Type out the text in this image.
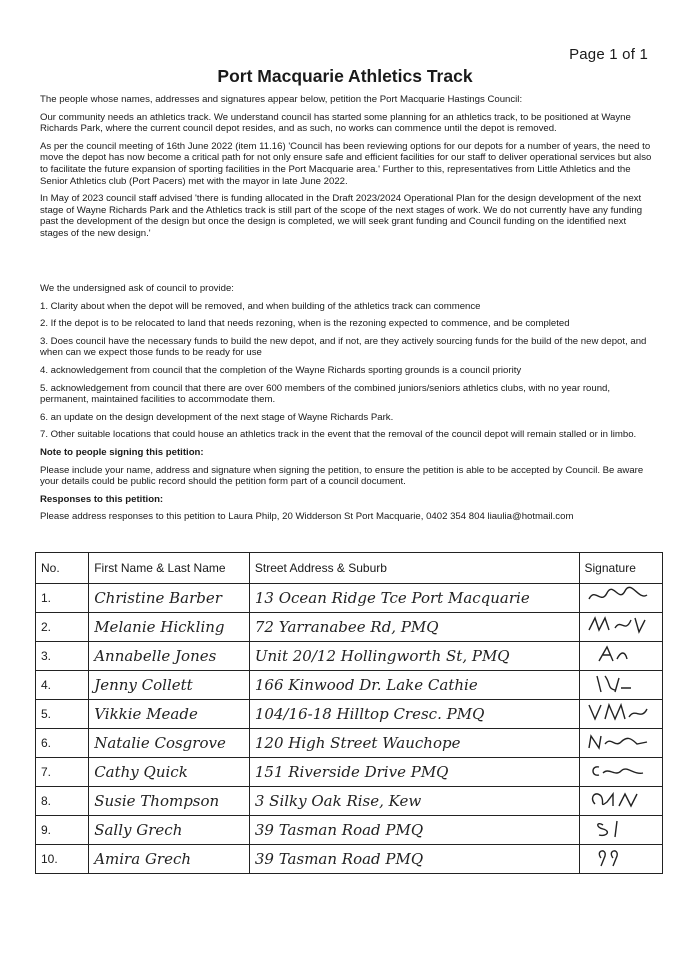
Page 1 of 1
Port Macquarie Athletics Track

The people whose names, addresses and signatures appear below, petition the Port Macquarie Hastings Council:

Our community needs an athletics track. We understand council has started some planning for an athletics track, to be positioned at Wayne Richards Park, where the current council depot resides, and as such, no works can commence until the depot is removed.

As per the council meeting of 16th June 2022 (item 11.16) 'Council has been reviewing options for our depots for a number of years, the need to move the depot has now become a critical path for not only ensure safe and efficient facilities for our staff to deliver operational services but also to facilitate the future expansion of sporting facilities in the Port Macquarie area.' Further to this, representatives from Little Athletics and the Senior Athletics club (Port Pacers) met with the mayor in late June 2022.

In May of 2023 council staff advised 'there is funding allocated in the Draft 2023/2024 Operational Plan for the design development of the next stage of Wayne Richards Park and the Athletics track is still part of the scope of the next stages of work. We do not currently have any funding past the development of the design but once the design is completed, we will seek grant funding and Council funding on the identified next stages of the new design.'

We the undersigned ask of council to provide:

1. Clarity about when the depot will be removed, and when building of the athletics track can commence

2. If the depot is to be relocated to land that needs rezoning, when is the rezoning expected to commence, and be completed

3. Does council have the necessary funds to build the new depot, and if not, are they actively sourcing funds for the build of the new depot, and when can we expect those funds to be ready for use

4. acknowledgement from council that the completion of the Wayne Richards sporting grounds is a council priority

5. acknowledgement from council that there are over 600 members of the combined juniors/seniors athletics clubs, with no year round, permanent, maintained facilities to accommodate them.

6. an update on the design development of the next stage of Wayne Richards Park.

7. Other suitable locations that could house an athletics track in the event that the removal of the council depot will remain stalled or in limbo.

Note to people signing this petition:

Please include your name, address and signature when signing the petition, to ensure the petition is able to be accepted by Council. Be aware your details could be public record should the petition form part of a council document.

Responses to this petition:

Please address responses to this petition to Laura Philp, 20 Widderson St Port Macquarie, 0402 354 804 liaulia@hotmail.com

No.	First Name & Last Name	Street Address & Suburb	Signature
1.	Christine Barber	13 Ocean Ridge Tce Port Macquarie	
2.	Melanie Hickling	72 Yarranabee Rd, PMQ	
3.	Annabelle Jones	Unit 20/12 Hollingworth St, PMQ	
4.	Jenny Collett	166 Kinwood Dr. Lake Cathie	
5.	Vikkie Meade	104/16-18 Hilltop Cresc. PMQ	
6.	Natalie Cosgrove	120 High Street Wauchope	
7.	Cathy Quick	151 Riverside Drive PMQ	
8.	Susie Thompson	3 Silky Oak Rise, Kew	
9.	Sally Grech	39 Tasman Road PMQ	
10.	Amira Grech	39 Tasman Road PMQ	
